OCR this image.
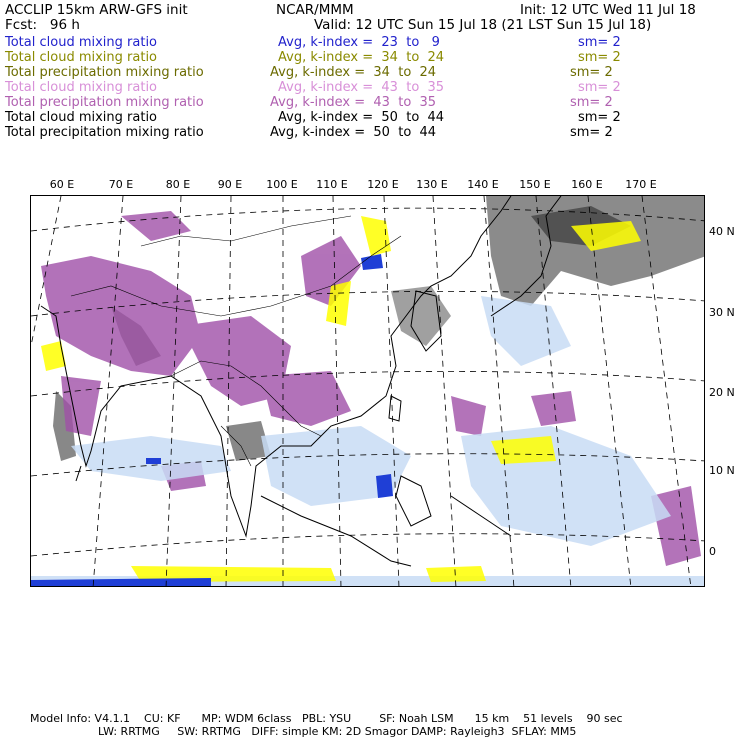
ACCLIP 15km ARW-GFS init	NCAR/MMM	Init: 12 UTC Wed 11 Jul 18
Fcst:   96 h	Valid: 12 UTC Sun 15 Jul 18 (21 LST Sun 15 Jul 18)
Total cloud mixing ratio	Avg, k-index =  23  to   9	sm= 2
Total cloud mixing ratio	Avg, k-index =  34  to  24	sm= 2
Total precipitation mixing ratio	Avg, k-index =  34  to  24	sm= 2
Total cloud mixing ratio	Avg, k-index =  43  to  35	sm= 2
Total precipitation mixing ratio	Avg, k-index =  43  to  35	sm= 2
Total cloud mixing ratio	Avg, k-index =  50  to  44	sm= 2
Total precipitation mixing ratio	Avg, k-index =  50  to  44	sm= 2
60 E	70 E	80 E	90 E 100 E 110 E 120 E 130 E 140 E 150 E 160 E 170 E
40 N
30 N
20 N
10 N
0
Model Info: V4.1.1    CU: KF      MP: WDM 6class   PBL: YSU        SF: Noah LSM      15 km    51 levels    90 sec
LW: RRTMG     SW: RRTMG   DIFF: simple KM: 2D Smagor DAMP: Rayleigh3  SFLAY: MM5
